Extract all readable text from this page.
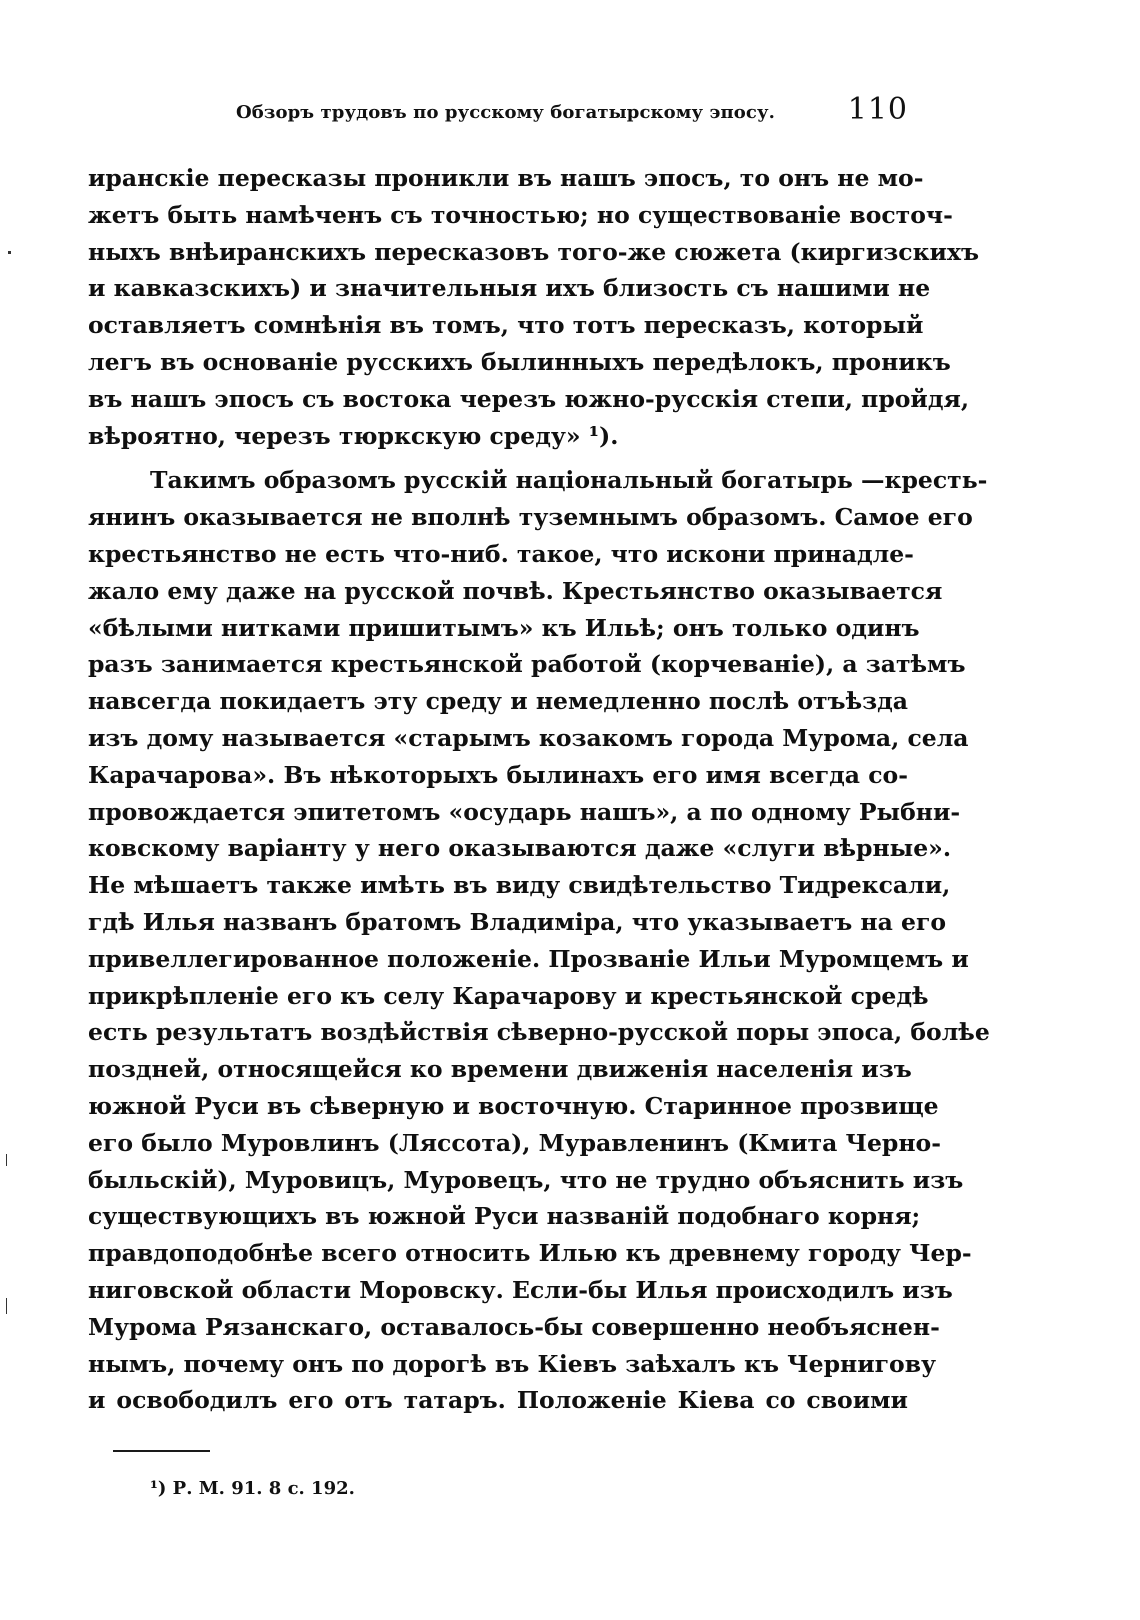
Обзоръ трудовъ по русскому богатырскому эпосу. 110
иранскіе пересказы проникли въ нашъ эпосъ, то онъ не мо-
жетъ быть намѣченъ съ точностью; но существованіе восточ-
ныхъ внѣиранскихъ пересказовъ того-же сюжета (киргизскихъ
и кавказскихъ) и значительныя ихъ близость съ нашими не
оставляетъ сомнѣнія въ томъ, что тотъ пересказъ, который
легъ въ основаніе русскихъ былинныхъ передѣлокъ, проникъ
въ нашъ эпосъ съ востока черезъ южно-русскія степи, пройдя,
вѣроятно, черезъ тюркскую среду» ¹).
Такимъ образомъ русскій національный богатырь —кресть-
янинъ оказывается не вполнѣ туземнымъ образомъ. Самое его
крестьянство не есть что-ниб. такое, что искони принадле-
жало ему даже на русской почвѣ. Крестьянство оказывается
«бѣлыми нитками пришитымъ» къ Ильѣ; онъ только одинъ
разъ занимается крестьянской работой (корчеваніе), а затѣмъ
навсегда покидаетъ эту среду и немедленно послѣ отъѣзда
изъ дому называется «старымъ козакомъ города Мурома, села
Карачарова». Въ нѣкоторыхъ былинахъ его имя всегда со-
провождается эпитетомъ «осударь нашъ», а по одному Рыбни-
ковскому варіанту у него оказываются даже «слуги вѣрные».
Не мѣшаетъ также имѣть въ виду свидѣтельство Тидрексали,
гдѣ Илья названъ братомъ Владиміра, что указываетъ на его
привеллегированное положеніе. Прозваніе Ильи Муромцемъ и
прикрѣпленіе его къ селу Карачарову и крестьянской средѣ
есть результатъ воздѣйствія сѣверно-русской поры эпоса, болѣе
поздней, относящейся ко времени движенія населенія изъ
южной Руси въ сѣверную и восточную. Старинное прозвище
его было Муровлинъ (Ляссота), Муравленинъ (Кмита Черно-
быльскій), Муровицъ, Муровецъ, что не трудно объяснить изъ
существующихъ въ южной Руси названій подобнаго корня;
правдоподобнѣе всего относить Илью къ древнему городу Чер-
ниговской области Моровску. Если-бы Илья происходилъ изъ
Мурома Рязанскаго, оставалось-бы совершенно необъяснен-
нымъ, почему онъ по дорогѣ въ Кіевъ заѣхалъ къ Чернигову
и освободилъ его отъ татаръ. Положеніе Кіева со своими
¹) Р. М. 91. 8 с. 192.
